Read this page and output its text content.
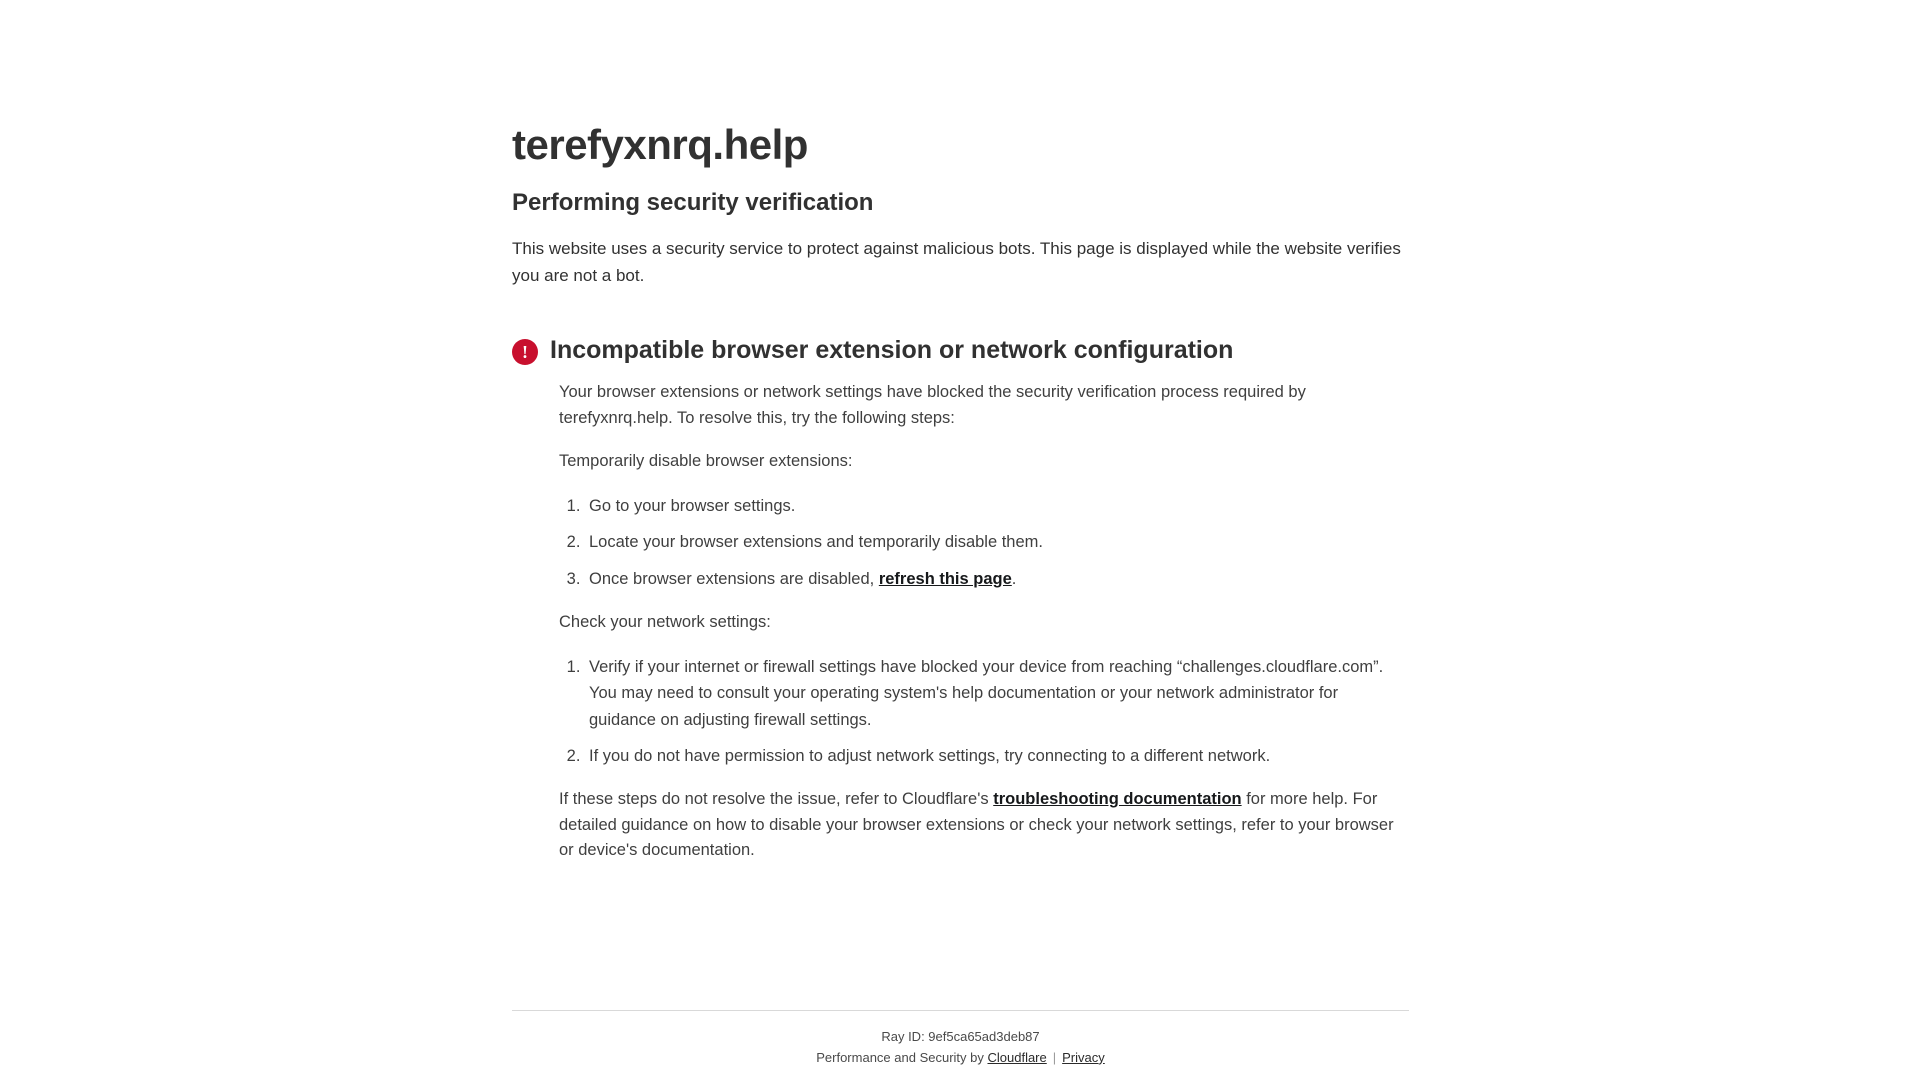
terefyxnrq.help
Performing security verification

This website uses a security service to protect against malicious bots. This page is displayed while the website verifies you are not a bot.

! Incompatible browser extension or network configuration

Your browser extensions or network settings have blocked the security verification process required by terefyxnrq.help. To resolve this, try the following steps:

Temporarily disable browser extensions:

1. Go to your browser settings.
2. Locate your browser extensions and temporarily disable them.
3. Once browser extensions are disabled, refresh this page.

Check your network settings:

1. Verify if your internet or firewall settings have blocked your device from reaching “challenges.cloudflare.com”. You may need to consult your operating system's help documentation or your network administrator for guidance on adjusting firewall settings.
2. If you do not have permission to adjust network settings, try connecting to a different network.

If these steps do not resolve the issue, refer to Cloudflare's troubleshooting documentation for more help. For detailed guidance on how to disable your browser extensions or check your network settings, refer to your browser or device's documentation.

Ray ID: 9ef5ca65ad3deb87
Performance and Security by Cloudflare | Privacy
